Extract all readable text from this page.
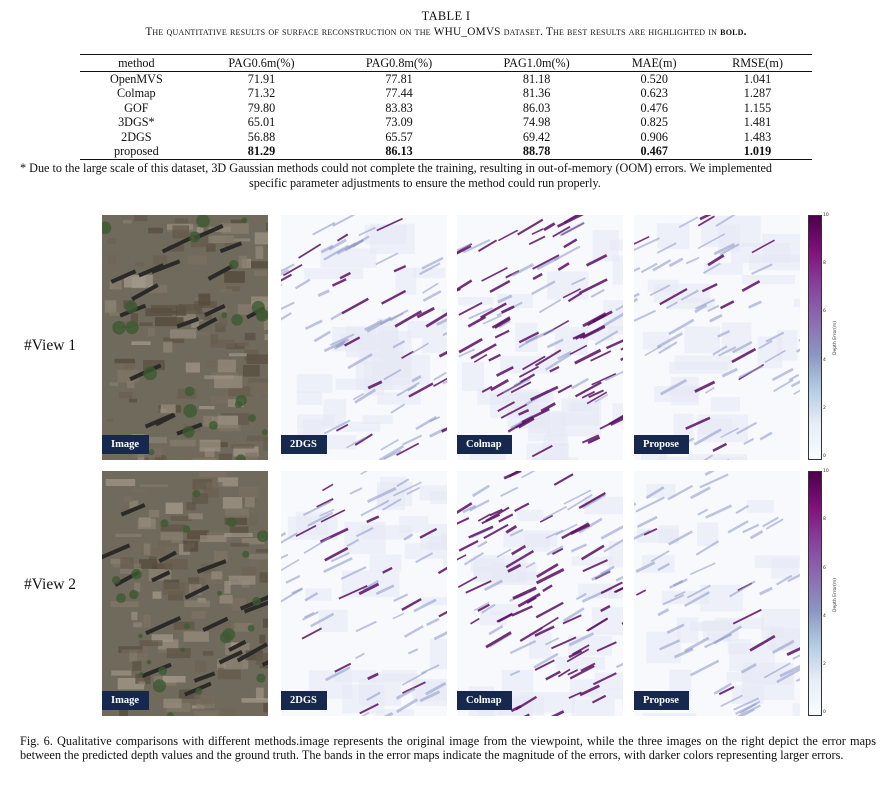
TABLE I
The quantitative results of surface reconstruction on the WHU_OMVS dataset. The best results are highlighted in bold.
method	PAG0.6m(%)	PAG0.8m(%)	PAG1.0m(%)	MAE(m)	RMSE(m)
OpenMVS	71.91	77.81	81.18	0.520	1.041
Colmap	71.32	77.44	81.36	0.623	1.287
GOF	79.80	83.83	86.03	0.476	1.155
3DGS*	65.01	73.09	74.98	0.825	1.481
2DGS	56.88	65.57	69.42	0.906	1.483
proposed	81.29	86.13	88.78	0.467	1.019
* Due to the large scale of this dataset, 3D Gaussian methods could not complete the training, resulting in out-of-memory (OOM) errors. We implemented
specific parameter adjustments to ensure the method could run properly.
#View 1
#View 2
Image	2DGS	Colmap	Propose
Image	2DGS	Colmap	Propose
10
8
6
4
2
0
Depth Error(m)
10
8
6
4
2
0
Depth Error(m)
Fig. 6. Qualitative comparisons with different methods.image represents the original image from the viewpoint, while the three images on the right depict the error maps between the predicted depth values and the ground truth. The bands in the error maps indicate the magnitude of the errors, with darker colors representing larger errors.
